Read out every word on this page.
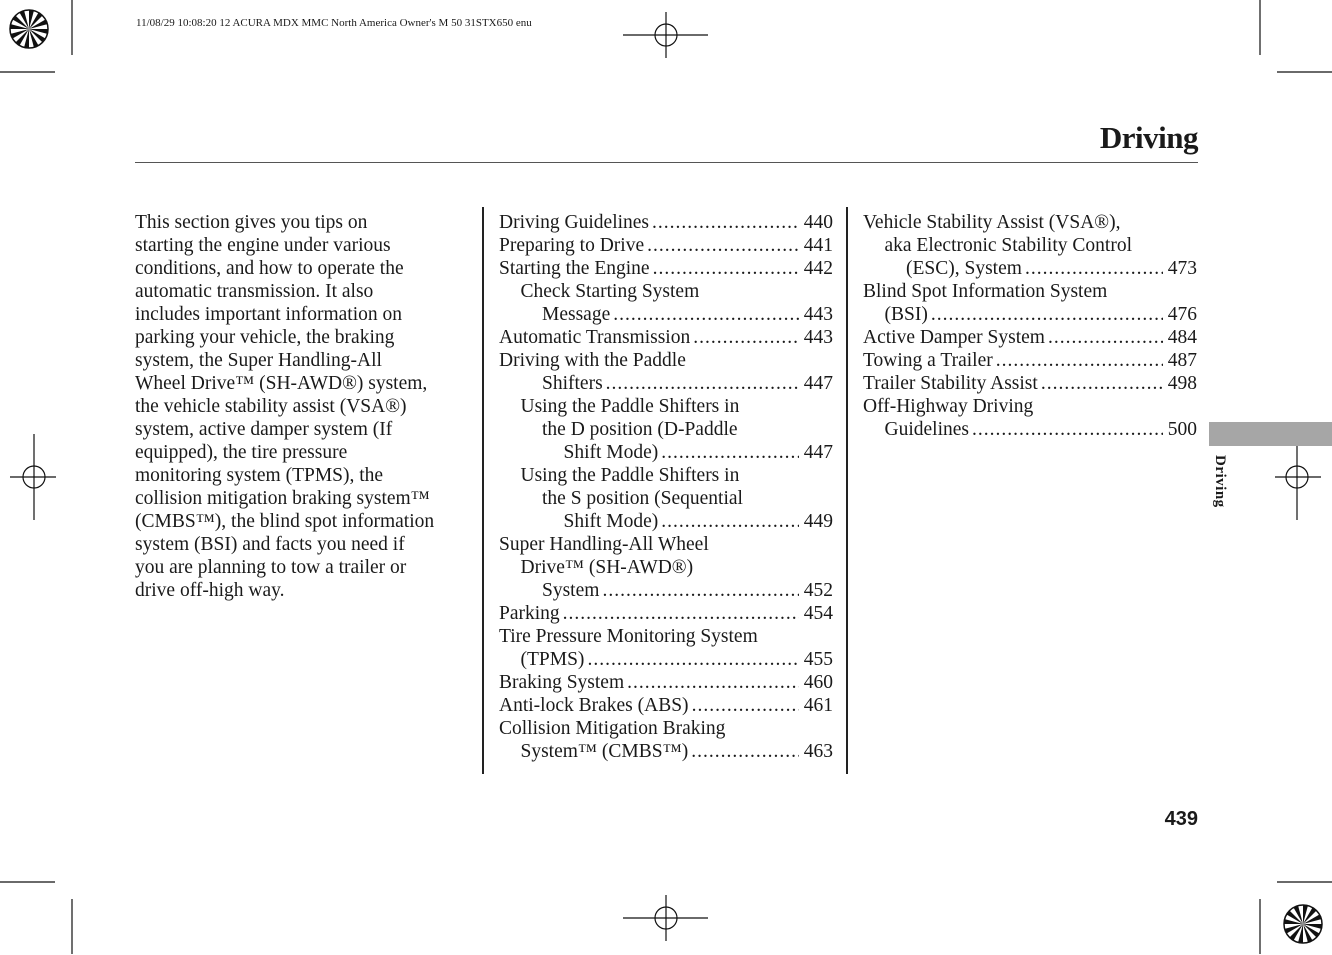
11/08/29 10:08:20 12 ACURA MDX MMC North America Owner's M 50 31STX650 enu
Driving

This section gives you tips on

starting the engine under various

conditions, and how to operate the

automatic transmission. It also

includes important information on

parking your vehicle, the braking

system, the Super Handling-All

Wheel Drive™ (SH-AWD®) system,

the vehicle stability assist (VSA®)

system, active damper system (If

equipped), the tire pressure

monitoring system (TPMS), the

collision mitigation braking system™

(CMBS™), the blind spot information

system (BSI) and facts you need if

you are planning to tow a trailer or

drive off-high way.

Driving Guidelines .....	440
Preparing to Drive .....	441
Starting the Engine .....	442
Check Starting System
Message .....	443
Automatic Transmission .....	443
Driving with the Paddle
Shifters .....	447
Using the Paddle Shifters in
the D position (D-Paddle
Shift Mode) .....	447
Using the Paddle Shifters in
the S position (Sequential
Shift Mode) .....	449
Super Handling-All Wheel
Drive™ (SH-AWD®)
System .....	452
Parking .....	454
Tire Pressure Monitoring System
(TPMS) .....	455
Braking System .....	460
Anti-lock Brakes (ABS) .....	461
Collision Mitigation Braking
System™ (CMBS™) .....	463
Vehicle Stability Assist (VSA®),
aka Electronic Stability Control
(ESC), System .....	473
Blind Spot Information System
(BSI) .....	476
Active Damper System .....	484
Towing a Trailer .....	487
Trailer Stability Assist .....	498
Off-Highway Driving
Guidelines .....	500
Driving
439
